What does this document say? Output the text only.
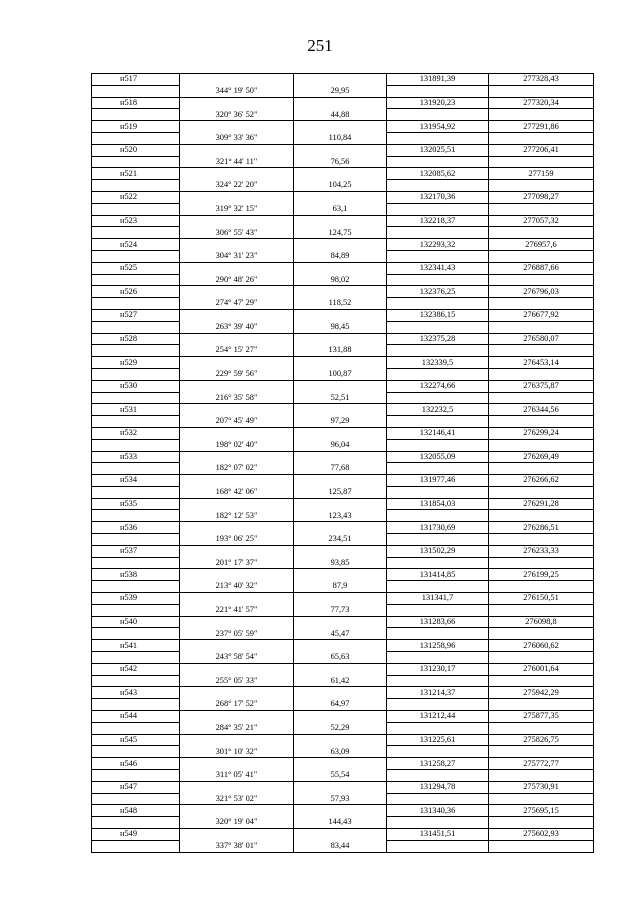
251
н517			131891,39	277328,43
	344° 19' 50"	29,95		
н518			131920,23	277320,34
	320° 36' 52"	44,88		
н519			131954,92	277291,86
	309° 33' 36"	110,84		
н520			132025,51	277206,41
	321° 44' 11"	76,56		
н521			132085,62	277159
	324° 22' 20"	104,25		
н522			132170,36	277098,27
	319° 32' 15"	63,1		
н523			132218,37	277057,32
	306° 55' 43"	124,75		
н524			132293,32	276957,6
	304° 31' 23"	84,89		
н525			132341,43	276887,66
	290° 48' 26"	98,02		
н526			132376,25	276796,03
	274° 47' 29"	118,52		
н527			132386,15	276677,92
	263° 39' 40"	98,45		
н528			132375,28	276580,07
	254° 15' 27"	131,88		
н529			132339,5	276453,14
	229° 59' 56"	100,87		
н530			132274,66	276375,87
	216° 35' 58"	52,51		
н531			132232,5	276344,56
	207° 45' 49"	97,29		
н532			132146,41	276299,24
	198° 02' 40"	96,04		
н533			132055,09	276269,49
	182° 07' 02"	77,68		
н534			131977,46	276266,62
	168° 42' 06"	125,87		
н535			131854,03	276291,28
	182° 12' 53"	123,43		
н536			131730,69	276286,51
	193° 06' 25"	234,51		
н537			131502,29	276233,33
	201° 17' 37"	93,85		
н538			131414,85	276199,25
	213° 40' 32"	87,9		
н539			131341,7	276150,51
	221° 41' 57"	77,73		
н540			131283,66	276098,8
	237° 05' 59"	45,47		
н541			131258,96	276060,62
	243° 58' 54"	65,63		
н542			131230,17	276001,64
	255° 05' 33"	61,42		
н543			131214,37	275942,29
	268° 17' 52"	64,97		
н544			131212,44	275877,35
	284° 35' 21"	52,29		
н545			131225,61	275826,75
	301° 10' 32"	63,09		
н546			131258,27	275772,77
	311° 05' 41"	55,54		
н547			131294,78	275730,91
	321° 53' 02"	57,93		
н548			131340,36	275695,15
	320° 19' 04"	144,43		
н549			131451,51	275602,93
	337° 38' 01"	83,44		
